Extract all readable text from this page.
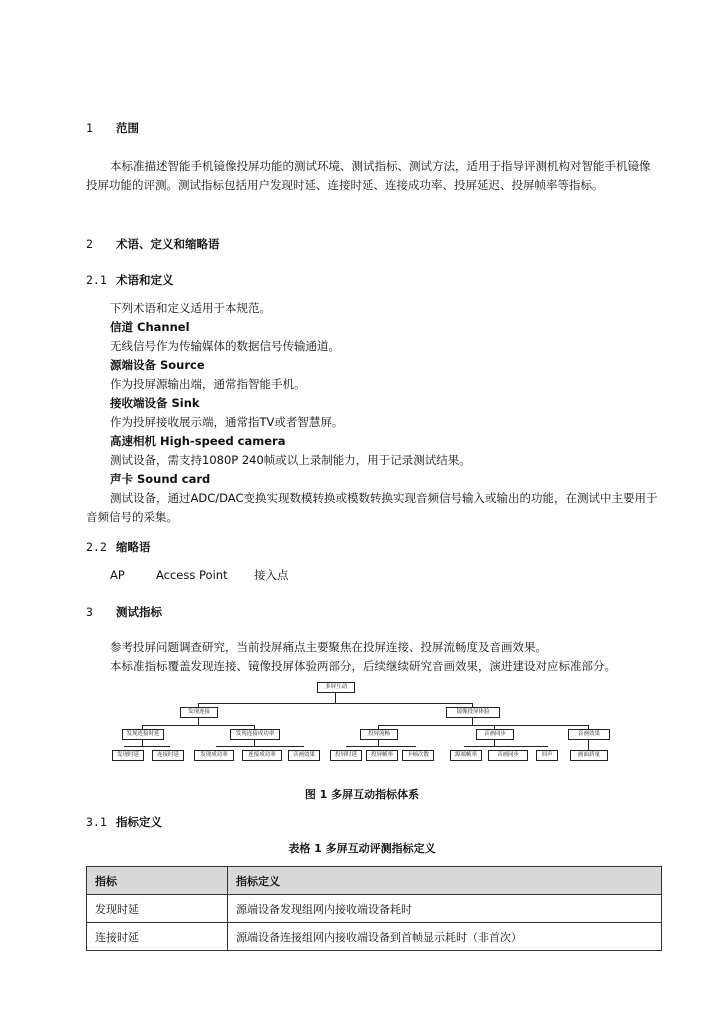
1 范围
本标准描述智能手机镜像投屏功能的测试环境、测试指标、测试方法，适用于指导评测机构对智能手机镜像投屏功能的评测。测试指标包括用户发现时延、连接时延、连接成功率、投屏延迟、投屏帧率等指标。
2 术语、定义和缩略语
2.1 术语和定义
下列术语和定义适用于本规范。
信道 Channel
无线信号作为传输媒体的数据信号传输通道。
源端设备 Source
作为投屏源输出端，通常指智能手机。
接收端设备 Sink
作为投屏接收展示端，通常指TV或者智慧屏。
高速相机 High-speed camera
测试设备，需支持1080P 240帧或以上录制能力，用于记录测试结果。
声卡 Sound card
测试设备，通过ADC/DAC变换实现数模转换或模数转换实现音频信号输入或输出的功能，在测试中主要用于音频信号的采集。
2.2 缩略语
AP	Access Point 接入点
3 测试指标
参考投屏问题调查研究，当前投屏痛点主要聚焦在投屏连接、投屏流畅度及音画效果。
本标准指标覆盖发现连接、镜像投屏体验两部分，后续继续研究音画效果，演进建设对应标准部分。
多屏互动
发现连接	镜像投屏体验
发现连接时延	发现连接成功率	投屏流畅	音画同步	音画效果
发现时延	连接时延	发现成功率	连接成功率	音画效果	投屏时延	投屏帧率	卡顿次数	源端帧率	音画同步	回声	画面质量
图 1 多屏互动指标体系
3.1 指标定义
表格 1 多屏互动评测指标定义
指标	指标定义
发现时延	源端设备发现组网内接收端设备耗时
连接时延	源端设备连接组网内接收端设备到首帧显示耗时（非首次）
